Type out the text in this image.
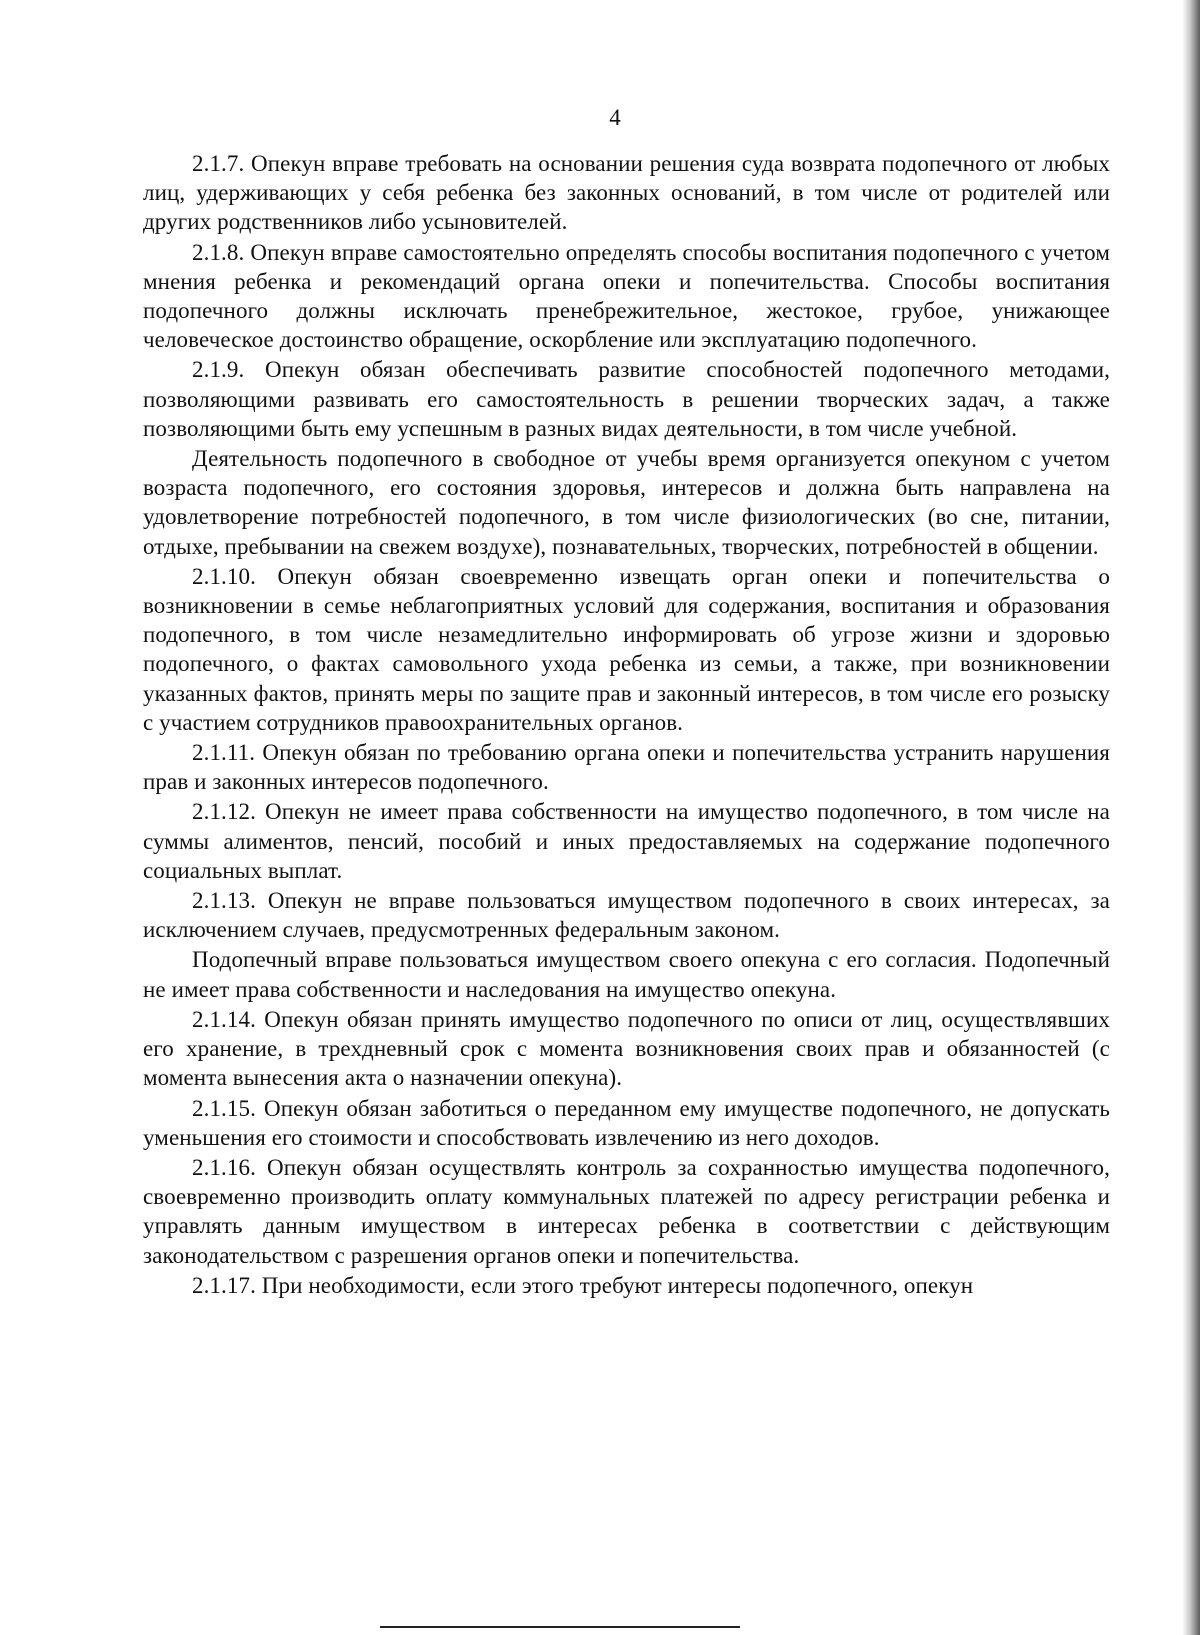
4

2.1.7. Опекун вправе требовать на основании решения суда возврата подопечного от любых лиц, удерживающих у себя ребенка без законных оснований, в том числе от родителей или других родственников либо усыновителей.

2.1.8. Опекун вправе самостоятельно определять способы воспитания подопечного с учетом мнения ребенка и рекомендаций органа опеки и попечительства. Способы воспитания подопечного должны исключать пренебрежительное, жестокое, грубое, унижающее человеческое достоинство обращение, оскорбление или эксплуатацию подопечного.

2.1.9. Опекун обязан обеспечивать развитие способностей подопечного методами, позволяющими развивать его самостоятельность в решении творческих задач, а также позволяющими быть ему успешным в разных видах деятельности, в том числе учебной.

Деятельность подопечного в свободное от учебы время организуется опекуном с учетом возраста подопечного, его состояния здоровья, интересов и должна быть направлена на удовлетворение потребностей подопечного, в том числе физиологических (во сне, питании, отдыхе, пребывании на свежем воздухе), познавательных, творческих, потребностей в общении.

2.1.10. Опекун обязан своевременно извещать орган опеки и попечительства о возникновении в семье неблагоприятных условий для содержания, воспитания и образования подопечного, в том числе незамедлительно информировать об угрозе жизни и здоровью подопечного, о фактах самовольного ухода ребенка из семьи, а также, при возникновении указанных фактов, принять меры по защите прав и законный интересов, в том числе его розыску с участием сотрудников правоохранительных органов.

2.1.11. Опекун обязан по требованию органа опеки и попечительства устранить нарушения прав и законных интересов подопечного.

2.1.12. Опекун не имеет права собственности на имущество подопечного, в том числе на суммы алиментов, пенсий, пособий и иных предоставляемых на содержание подопечного социальных выплат.

2.1.13. Опекун не вправе пользоваться имуществом подопечного в своих интересах, за исключением случаев, предусмотренных федеральным законом.

Подопечный вправе пользоваться имуществом своего опекуна с его согласия. Подопечный не имеет права собственности и наследования на имущество опекуна.

2.1.14. Опекун обязан принять имущество подопечного по описи от лиц, осуществлявших его хранение, в трехдневный срок с момента возникновения своих прав и обязанностей (с момента вынесения акта о назначении опекуна).

2.1.15. Опекун обязан заботиться о переданном ему имуществе подопечного, не допускать уменьшения его стоимости и способствовать извлечению из него доходов.

2.1.16. Опекун обязан осуществлять контроль за сохранностью имущества подопечного, своевременно производить оплату коммунальных платежей по адресу регистрации ребенка и управлять данным имуществом в интересах ребенка в соответствии с действующим законодательством с разрешения органов опеки и попечительства.

2.1.17. При необходимости, если этого требуют интересы подопечного, опекун
